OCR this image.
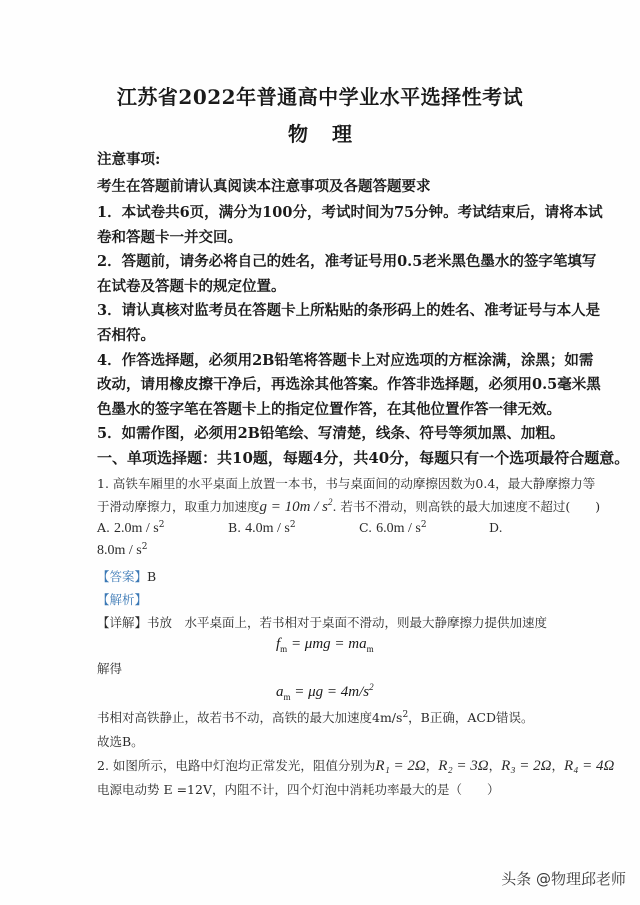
江苏省2022年普通高中学业水平选择性考试
物 理
注意事项:
考生在答题前请认真阅读本注意事项及各题答题要求
1．本试卷共6页，满分为100分，考试时间为75分钟。考试结束后，请将本试
卷和答题卡一并交回。
2．答题前，请务必将自己的姓名，准考证号用0.5老米黑色墨水的签字笔填写
在试卷及答题卡的规定位置。
3．请认真核对监考员在答题卡上所粘贴的条形码上的姓名、准考证号与本人是
否相符。
4．作答选择题，必须用2B铅笔将答题卡上对应选项的方框涂满，涂黑；如需
改动，请用橡皮擦干净后，再选涂其他答案。作答非选择题，必须用0.5毫米黑
色墨水的签字笔在答题卡上的指定位置作答，在其他位置作答一律无效。
5．如需作图，必须用2B铅笔绘、写清楚，线条、符号等须加黑、加粗。
一、单项选择题：共10题，每题4分，共40分，每题只有一个选项最符合题意。
1. 高铁车厢里的水平桌面上放置一本书，书与桌面间的动摩擦因数为0.4，最大静摩擦力等
于滑动摩擦力，取重力加速度$g = 10m / s^2$. 若书不滑动，则高铁的最大加速度不超过(　　)
A. $2.0m / s^2$	B. $4.0m / s^2$	C. $6.0m / s^2$	D.
$8.0m / s^2$
【答案】B
【解析】
【详解】书放　水平桌面上，若书相对于桌面不滑动，则最大静摩擦力提供加速度
$f_m = \mu mg = ma_m$
解得
$a_m = \mu g = 4m/s^2$
书相对高铁静止，故若书不动，高铁的最大加速度$4m/s^2$，B正确，ACD错误。
故选B。
2. 如图所示，电路中灯泡均正常发光，阻值分别为R₁ = 2Ω，R₂ = 3Ω，R₃ = 2Ω，R₄ = 4Ω
电源电动势 E =12V，内阻不计，四个灯泡中消耗功率最大的是（　　）
头条 @物理邱老师
